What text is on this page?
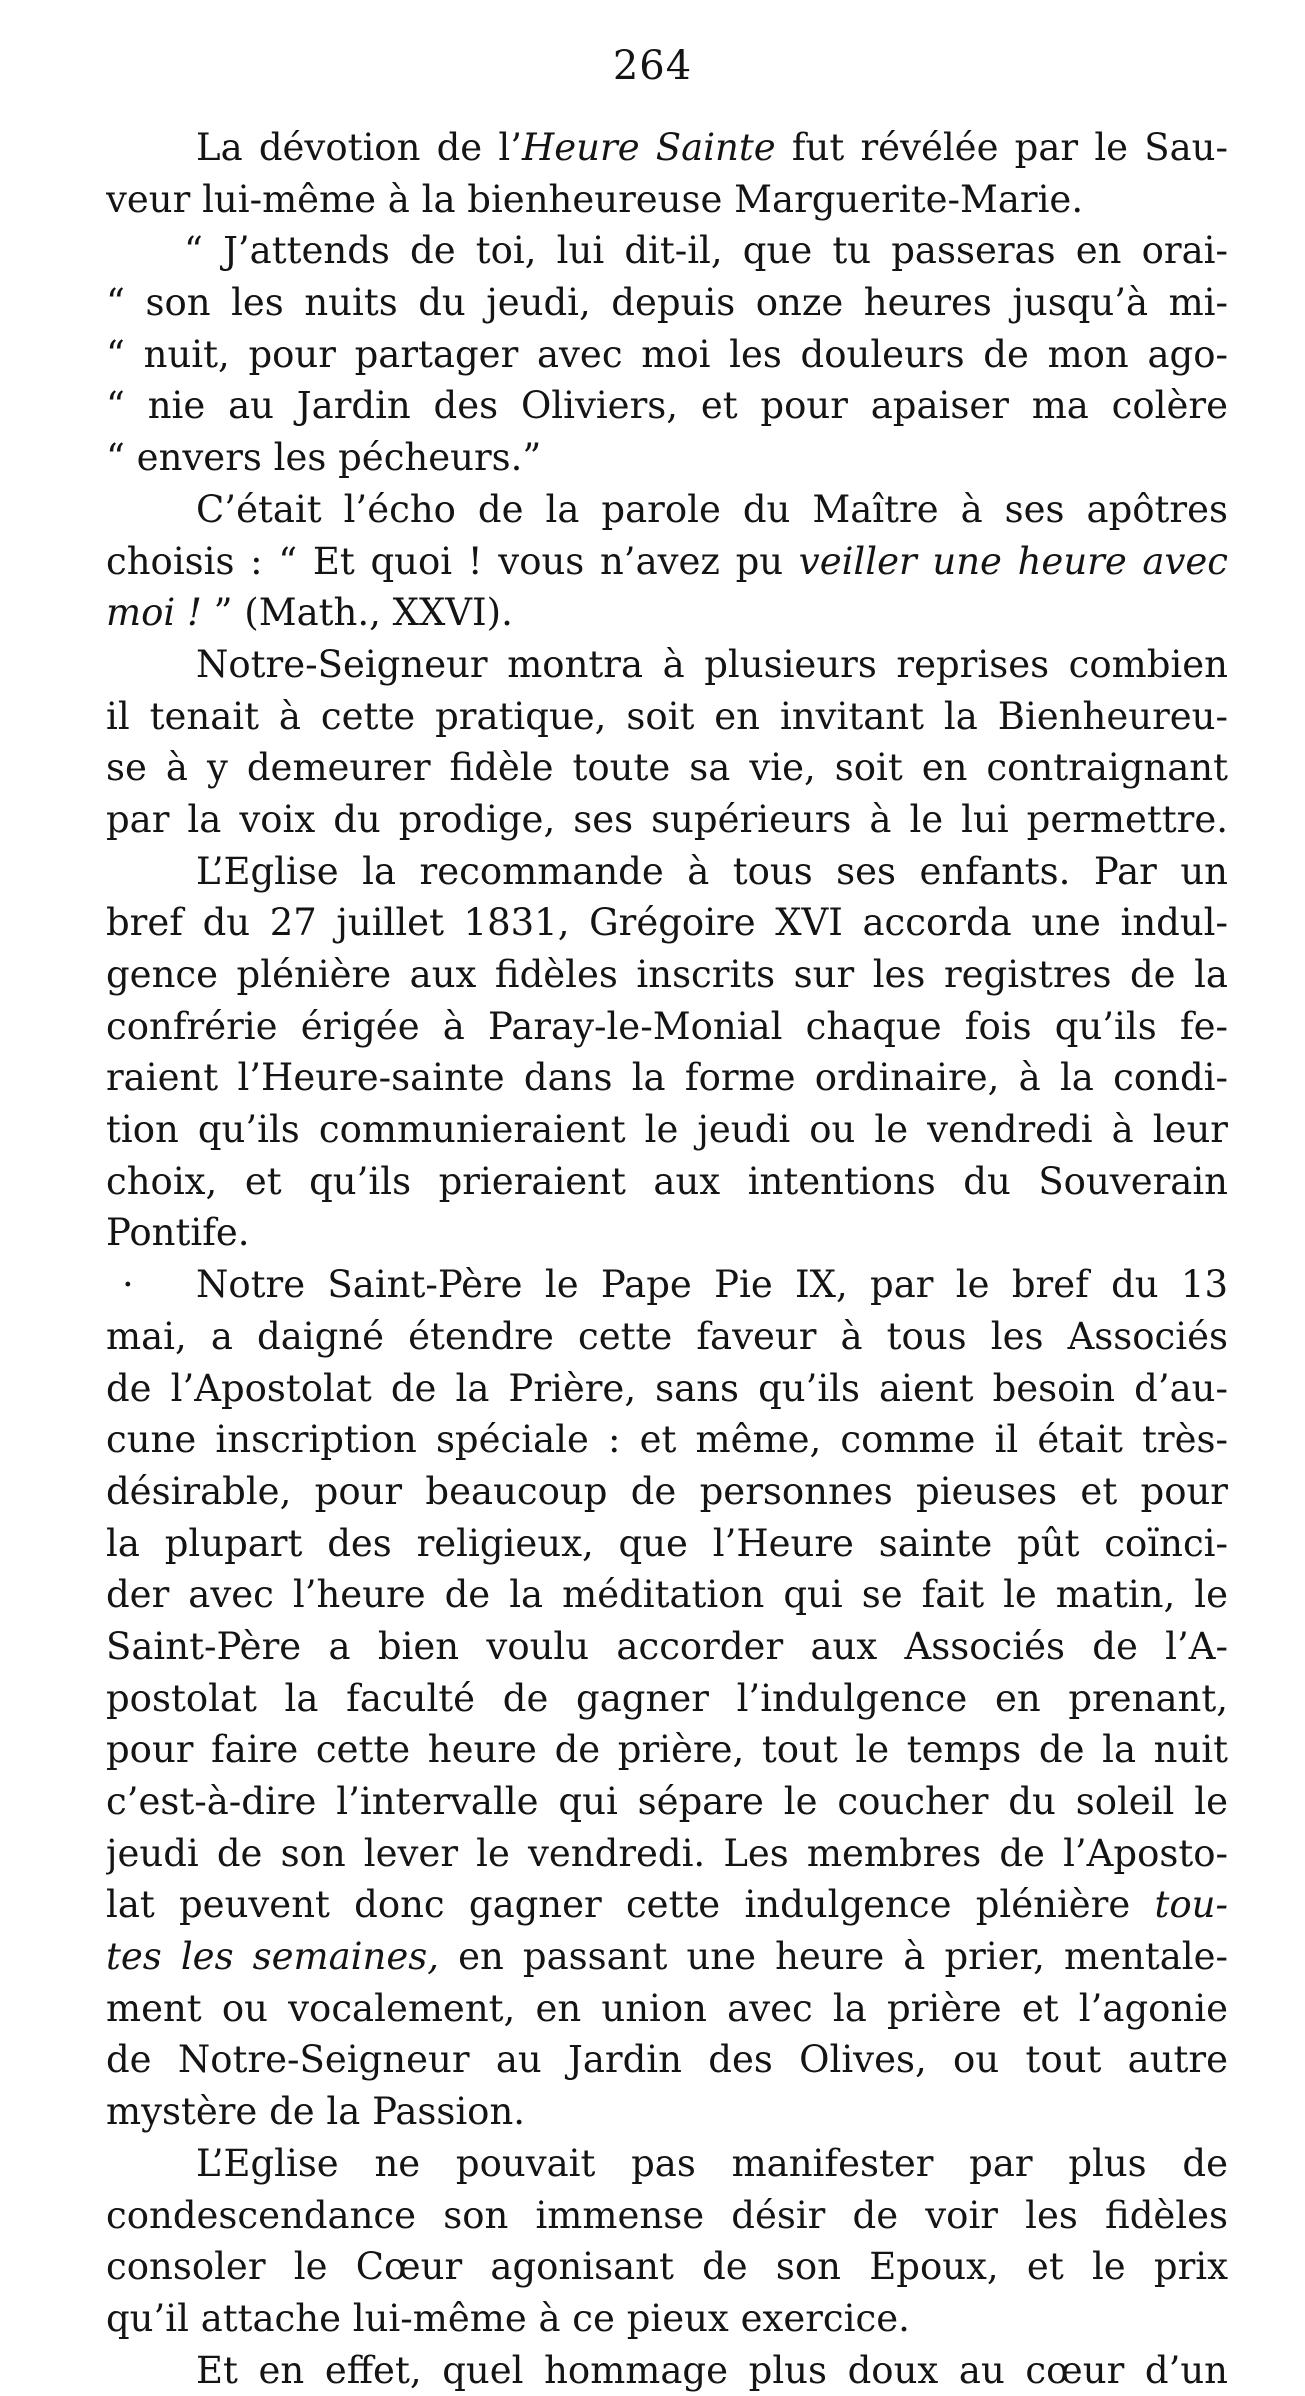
264
La dévotion de l’Heure Sainte fut révélée par le Sau-
veur lui-même à la bienheureuse Marguerite-Marie.
“ J’attends de toi, lui dit-il, que tu passeras en orai-
“ son les nuits du jeudi, depuis onze heures jusqu’à mi-
“ nuit, pour partager avec moi les douleurs de mon ago-
“ nie au Jardin des Oliviers, et pour apaiser ma colère
“ envers les pécheurs.”
C’était l’écho de la parole du Maître à ses apôtres
choisis : “ Et quoi ! vous n’avez pu veiller une heure avec
moi ! ” (Math., XXVI).
Notre-Seigneur montra à plusieurs reprises combien
il tenait à cette pratique, soit en invitant la Bienheureu-
se à y demeurer fidèle toute sa vie, soit en contraignant
par la voix du prodige, ses supérieurs à le lui permettre.
L’Eglise la recommande à tous ses enfants. Par un
bref du 27 juillet 1831, Grégoire XVI accorda une indul-
gence plénière aux fidèles inscrits sur les registres de la
confrérie érigée à Paray-le-Monial chaque fois qu’ils fe-
raient l’Heure-sainte dans la forme ordinaire, à la condi-
tion qu’ils communieraient le jeudi ou le vendredi à leur
choix, et qu’ils prieraient aux intentions du Souverain
Pontife.
· Notre Saint-Père le Pape Pie IX, par le bref du 13
mai, a daigné étendre cette faveur à tous les Associés
de l’Apostolat de la Prière, sans qu’ils aient besoin d’au-
cune inscription spéciale : et même, comme il était très-
désirable, pour beaucoup de personnes pieuses et pour
la plupart des religieux, que l’Heure sainte pût coïnci-
der avec l’heure de la méditation qui se fait le matin, le
Saint-Père a bien voulu accorder aux Associés de l’A-
postolat la faculté de gagner l’indulgence en prenant,
pour faire cette heure de prière, tout le temps de la nuit
c’est-à-dire l’intervalle qui sépare le coucher du soleil le
jeudi de son lever le vendredi. Les membres de l’Aposto-
lat peuvent donc gagner cette indulgence plénière tou-
tes les semaines, en passant une heure à prier, mentale-
ment ou vocalement, en union avec la prière et l’agonie
de Notre-Seigneur au Jardin des Olives, ou tout autre
mystère de la Passion.
L’Eglise ne pouvait pas manifester par plus de
condescendance son immense désir de voir les fidèles
consoler le Cœur agonisant de son Epoux, et le prix
qu’il attache lui-même à ce pieux exercice.
Et en effet, quel hommage plus doux au cœur d’un
